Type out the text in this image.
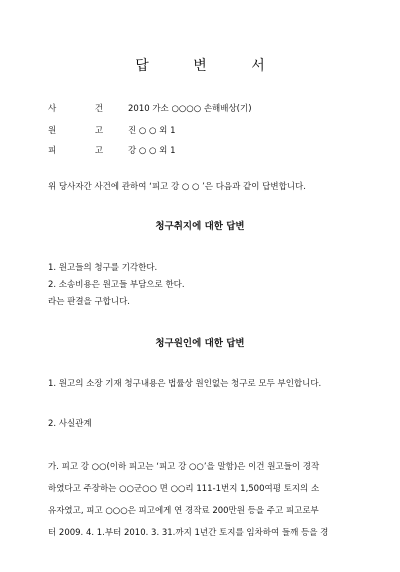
답 변 서
사 건 2010 가소 ○○○○ 손해배상(기)
원 고 진 ○ ○ 외 1
피 고 강 ○ ○ 외 1
위 당사자간 사건에 관하여 ‘피고 강 ○ ○ ’은 다음과 같이 답변합니다.
청구취지에 대한 답변
1. 원고들의 청구를 기각한다.
2. 소송비용은 원고들 부담으로 한다.
라는 판결을 구합니다.
청구원인에 대한 답변
1. 원고의 소장 기재 청구내용은 법률상 원인없는 청구로 모두 부인합니다.
2. 사실관계
가. 피고 강 ○○(이하 피고는 ‘피고 강 ○○’을 말함)은 이건 원고들이 경작
하였다고 주장하는 ○○군○○ 면 ○○리 111-1번지 1,500여평 토지의 소
유자였고, 피고 ○○○은 피고에게 연 경작료 200만원 등을 주고 피고로부
터 2009. 4. 1.부터 2010. 3. 31.까지 1년간 토지를 임차하여 들깨 등을 경
